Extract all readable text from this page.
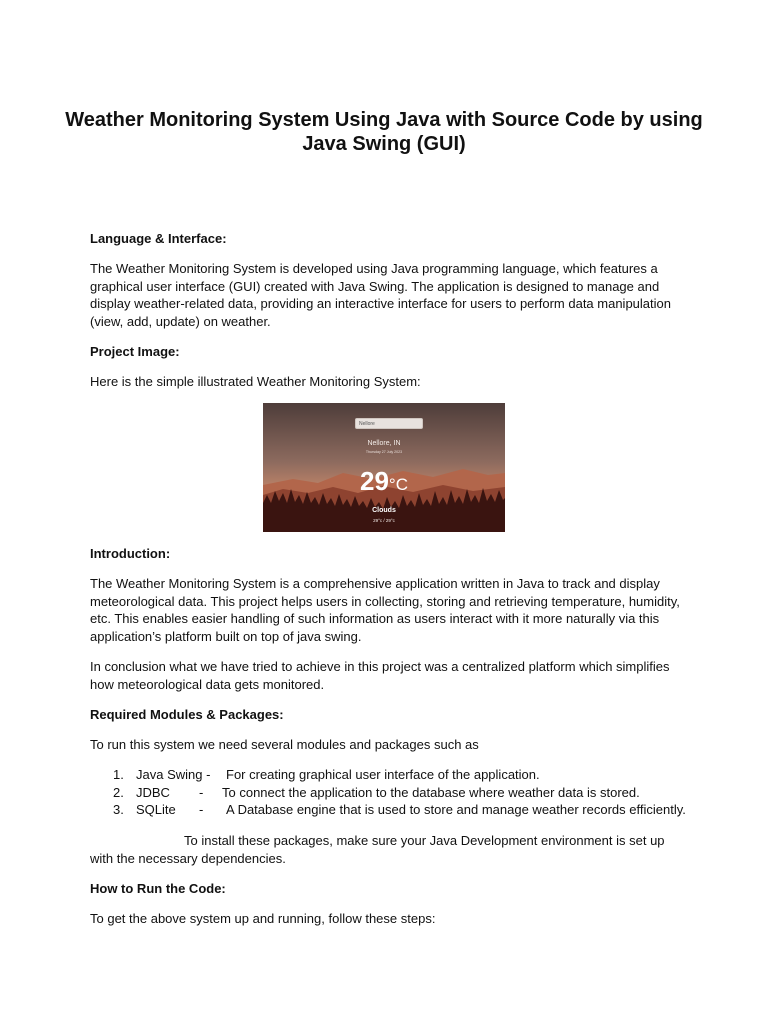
Weather Monitoring System Using Java with Source Code by using Java Swing (GUI)
Language & Interface:
The Weather Monitoring System is developed using Java programming language, which features a graphical user interface (GUI) created with Java Swing. The application is designed to manage and display weather-related data, providing an interactive interface for users to perform data manipulation (view, add, update) on weather.
Project Image:
Here is the simple illustrated Weather Monitoring System:
Nellore
Nellore, IN
Thursday 27 July 2023
29°C
Clouds
29°c / 29°c
Introduction:
The Weather Monitoring System is a comprehensive application written in Java to track and display meteorological data. This project helps users in collecting, storing and retrieving temperature, humidity, etc. This enables easier handling of such information as users interact with it more naturally via this application’s platform built on top of java swing.
In conclusion what we have tried to achieve in this project was a centralized platform which simplifies how meteorological data gets monitored.
Required Modules & Packages:
To run this system we need several modules and packages such as
1. Java Swing - For creating graphical user interface of the application.
2. JDBC - To connect the application to the database where weather data is stored.
3. SQLite - A Database engine that is used to store and manage weather records efficiently.
To install these packages, make sure your Java Development environment is set up with the necessary dependencies.
How to Run the Code:
To get the above system up and running, follow these steps:
